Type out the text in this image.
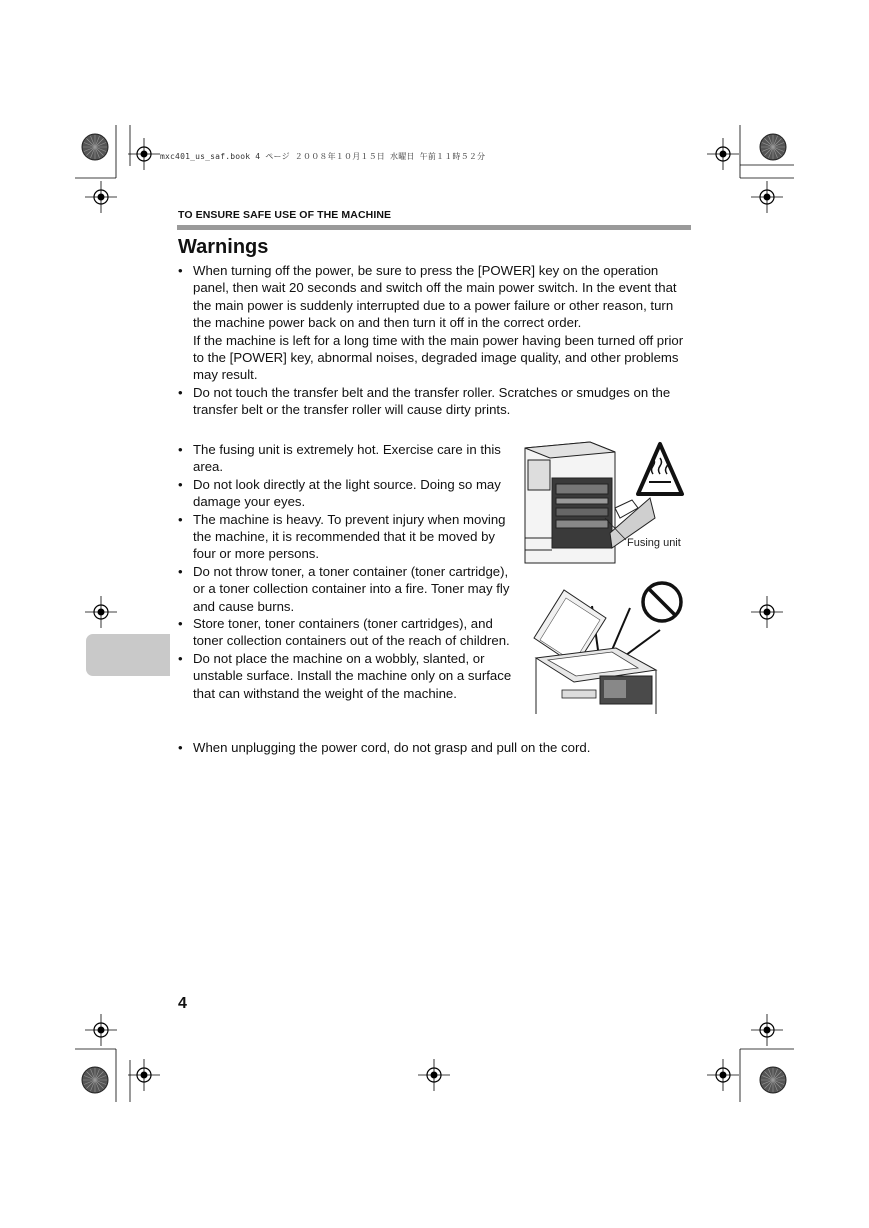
mxc401_us_saf.book 4 ページ ２００８年１０月１５日 水曜日 午前１１時５２分
TO ENSURE SAFE USE OF THE MACHINE
Warnings
• When turning off the power, be sure to press the [POWER] key on the operation panel, then wait 20 seconds and switch off the main power switch. In the event that the main power is suddenly interrupted due to a power failure or other reason, turn the machine power back on and then turn it off in the correct order.
If the machine is left for a long time with the main power having been turned off prior to the [POWER] key, abnormal noises, degraded image quality, and other problems may result.
• Do not touch the transfer belt and the transfer roller. Scratches or smudges on the transfer belt or the transfer roller will cause dirty prints.
• The fusing unit is extremely hot. Exercise care in this area.
• Do not look directly at the light source. Doing so may damage your eyes.
• The machine is heavy. To prevent injury when moving the machine, it is recommended that it be moved by four or more persons.
• Do not throw toner, a toner container (toner cartridge), or a toner collection container into a fire. Toner may fly and cause burns.
• Store toner, toner containers (toner cartridges), and toner collection containers out of the reach of children.
• Do not place the machine on a wobbly, slanted, or unstable surface. Install the machine only on a surface that can withstand the weight of the machine.
• When unplugging the power cord, do not grasp and pull on the cord.
Fusing unit
4
